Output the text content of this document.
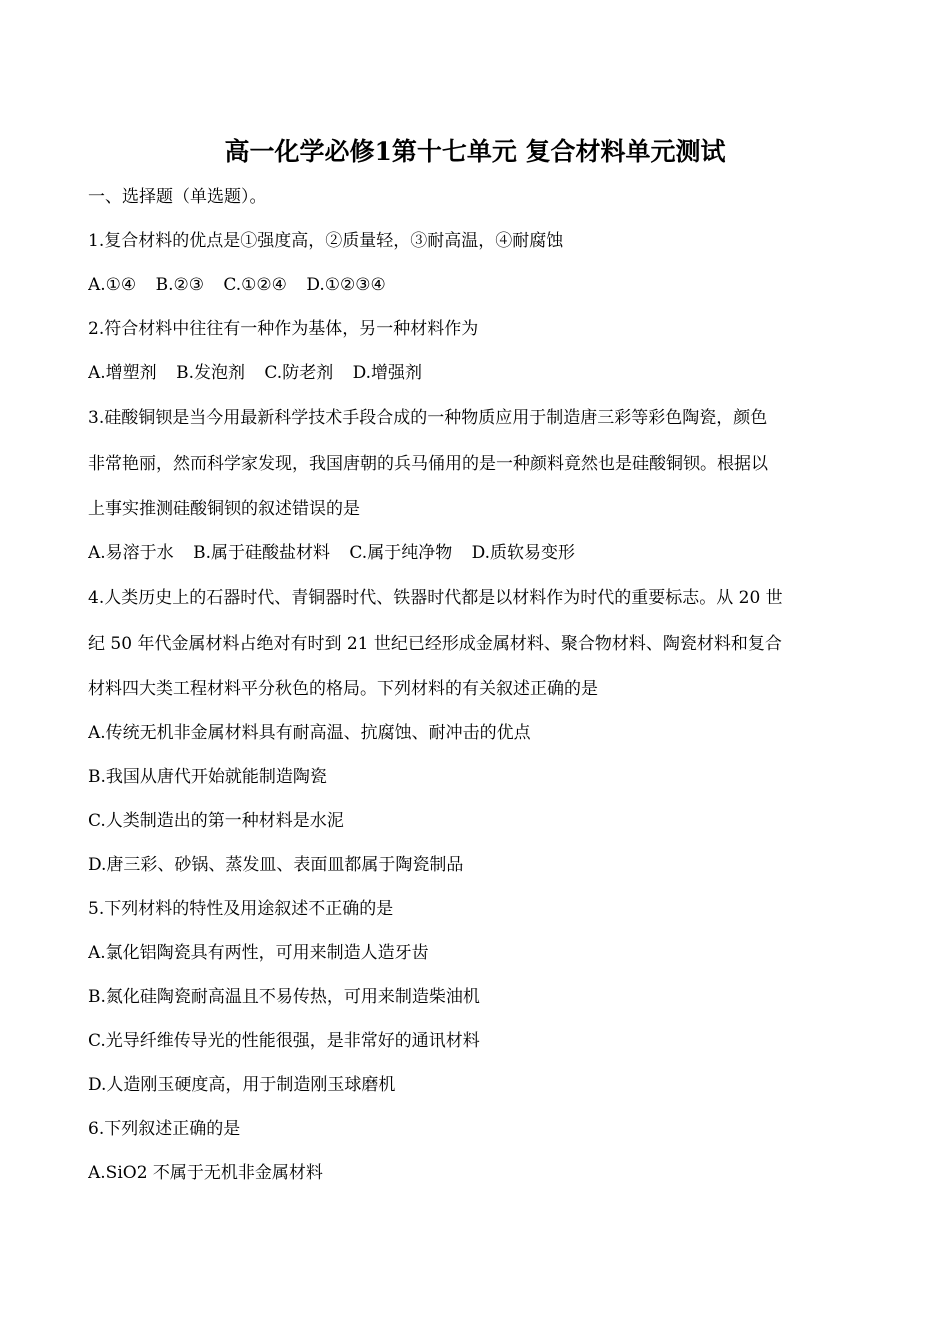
高一化学必修1第十七单元 复合材料单元测试
一、选择题（单选题）。
1.复合材料的优点是①强度高，②质量轻，③耐高温，④耐腐蚀
A.①④ B.②③ C.①②④ D.①②③④
2.符合材料中往往有一种作为基体，另一种材料作为
A.增塑剂 B.发泡剂 C.防老剂 D.增强剂
3.硅酸铜钡是当今用最新科学技术手段合成的一种物质应用于制造唐三彩等彩色陶瓷，颜色
非常艳丽，然而科学家发现，我国唐朝的兵马俑用的是一种颜料竟然也是硅酸铜钡。根据以
上事实推测硅酸铜钡的叙述错误的是
A.易溶于水 B.属于硅酸盐材料 C.属于纯净物 D.质软易变形
4.人类历史上的石器时代、青铜器时代、铁器时代都是以材料作为时代的重要标志。从 20 世
纪 50 年代金属材料占绝对有时到 21 世纪已经形成金属材料、聚合物材料、陶瓷材料和复合
材料四大类工程材料平分秋色的格局。下列材料的有关叙述正确的是
A.传统无机非金属材料具有耐高温、抗腐蚀、耐冲击的优点
B.我国从唐代开始就能制造陶瓷
C.人类制造出的第一种材料是水泥
D.唐三彩、砂锅、蒸发皿、表面皿都属于陶瓷制品
5.下列材料的特性及用途叙述不正确的是
A.氯化铝陶瓷具有两性，可用来制造人造牙齿
B.氮化硅陶瓷耐高温且不易传热，可用来制造柴油机
C.光导纤维传导光的性能很强，是非常好的通讯材料
D.人造刚玉硬度高，用于制造刚玉球磨机
6.下列叙述正确的是
A.SiO2 不属于无机非金属材料
